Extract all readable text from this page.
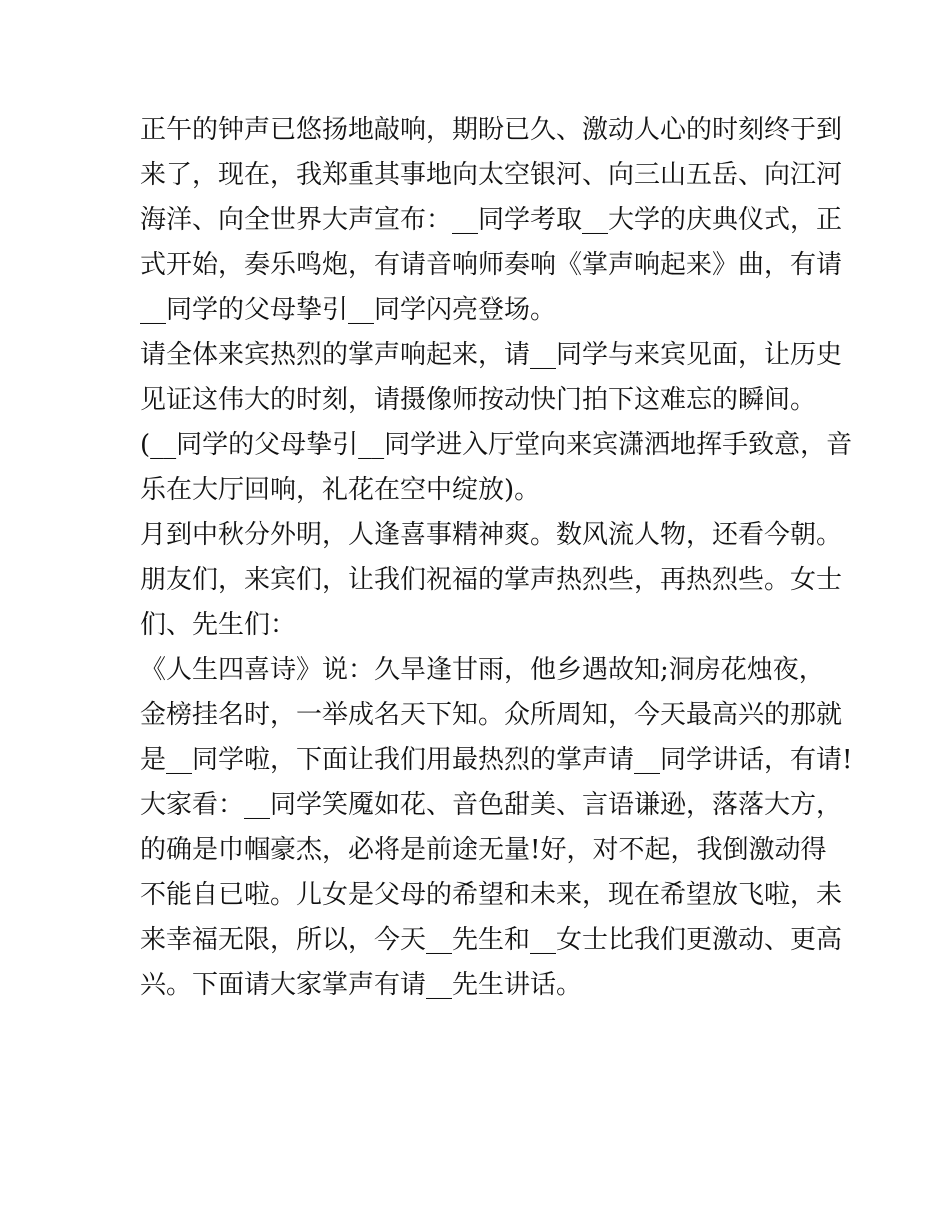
正午的钟声已悠扬地敲响，期盼已久、激动人心的时刻终于到
来了，现在，我郑重其事地向太空银河、向三山五岳、向江河
海洋、向全世界大声宣布：__同学考取__大学的庆典仪式，正
式开始，奏乐鸣炮，有请音响师奏响《掌声响起来》曲，有请
__同学的父母挚引__同学闪亮登场。
请全体来宾热烈的掌声响起来，请__同学与来宾见面，让历史
见证这伟大的时刻，请摄像师按动快门拍下这难忘的瞬间。
(__同学的父母挚引__同学进入厅堂向来宾潇洒地挥手致意，音
乐在大厅回响，礼花在空中绽放)。
月到中秋分外明，人逢喜事精神爽。数风流人物，还看今朝。
朋友们，来宾们，让我们祝福的掌声热烈些，再热烈些。女士
们、先生们：
《人生四喜诗》说：久旱逢甘雨，他乡遇故知;洞房花烛夜，
金榜挂名时，一举成名天下知。众所周知，今天最高兴的那就
是__同学啦，下面让我们用最热烈的掌声请__同学讲话，有请!
大家看：__同学笑魇如花、音色甜美、言语谦逊，落落大方，
的确是巾帼豪杰，必将是前途无量!好，对不起，我倒激动得
不能自已啦。儿女是父母的希望和未来，现在希望放飞啦，未
来幸福无限，所以，今天__先生和__女士比我们更激动、更高
兴。下面请大家掌声有请__先生讲话。
